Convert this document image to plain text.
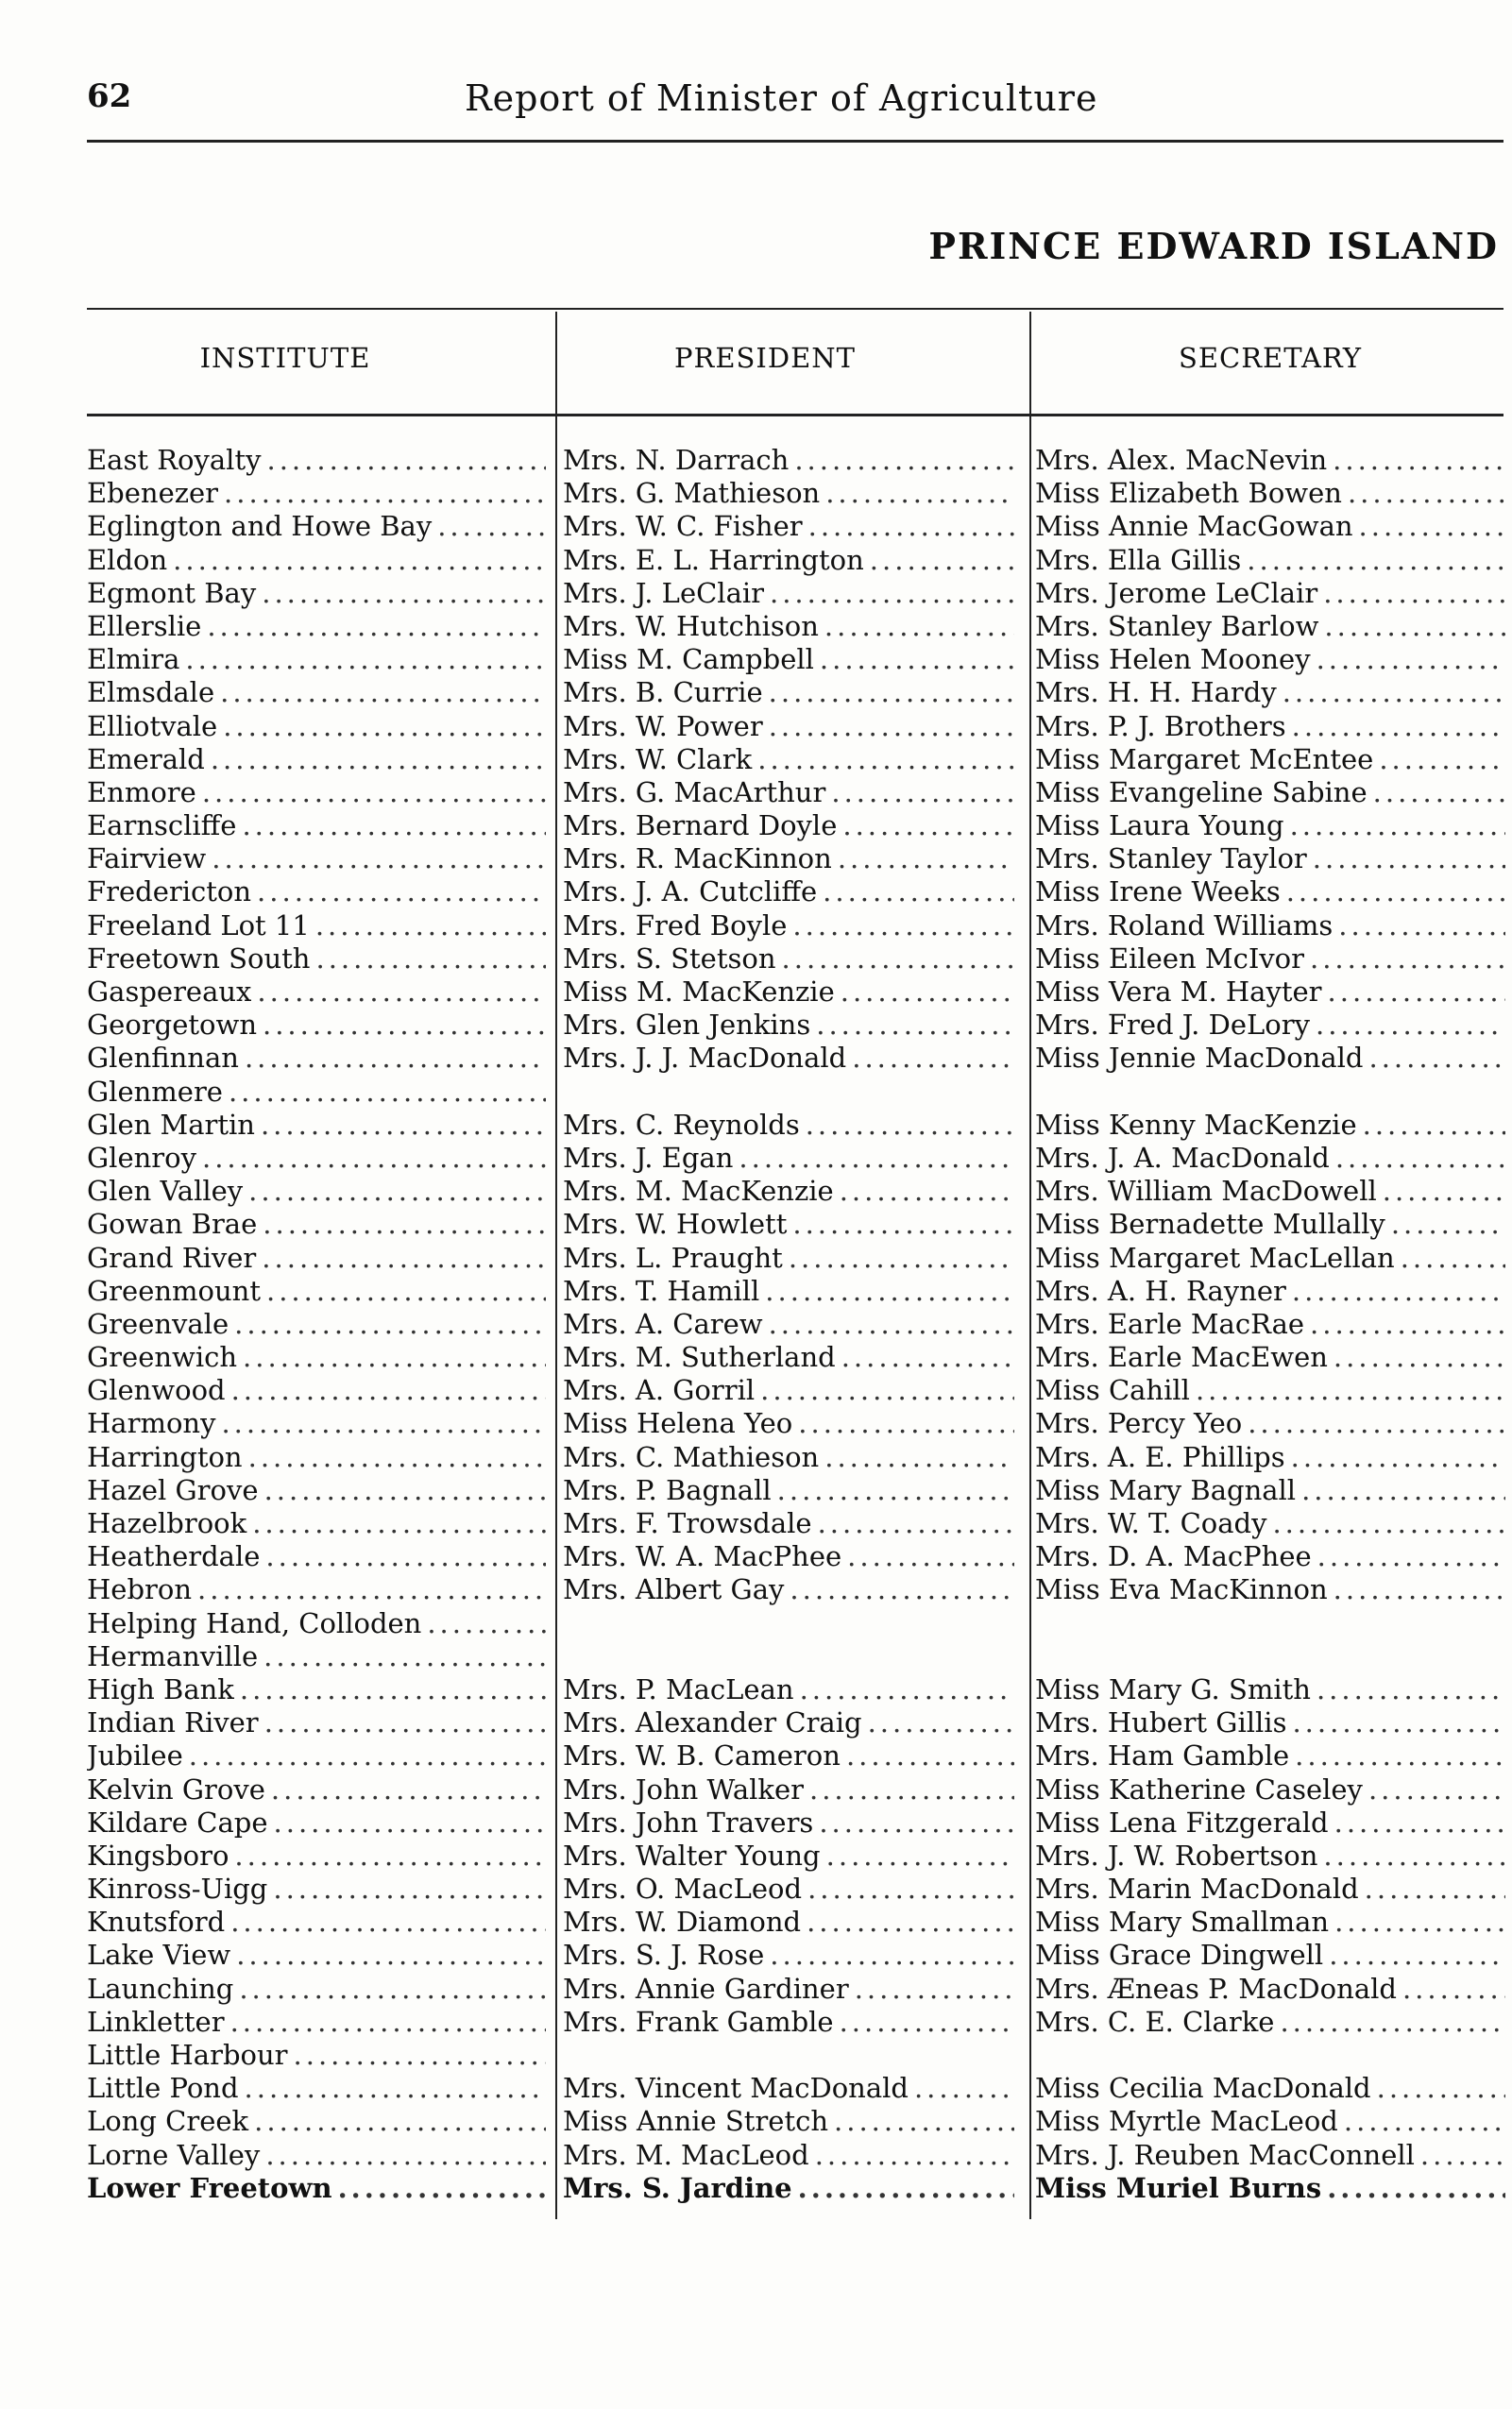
62	Report of Minister of Agriculture
PRINCE EDWARD ISLAND
INSTITUTE	PRESIDENT	SECRETARY
East Royalty .....	Mrs. N. Darrach .....	Mrs. Alex. MacNevin
.....
Ebenezer .....	Mrs. G. Mathieson .....	Miss Elizabeth Bowen
.....
Eglington and Howe Bay .....	Mrs. W. C. Fisher .....	Miss Annie MacGowan
.....
Eldon .....	Mrs. E. L. Harrington .....	Mrs. Ella Gillis
.....
Egmont Bay .....	Mrs. J. LeClair .....	Mrs. Jerome LeClair
.....
Ellerslie .....	Mrs. W. Hutchison .....	Mrs. Stanley Barlow
.....
Elmira .....	Miss M. Campbell .....	Miss Helen Mooney
.....
Elmsdale .....	Mrs. B. Currie .....	Mrs. H. H. Hardy
.....
Elliotvale .....	Mrs. W. Power .....	Mrs. P. J. Brothers
.....
Emerald .....	Mrs. W. Clark .....	Miss Margaret McEntee
.....
Enmore .....	Mrs. G. MacArthur .....	Miss Evangeline Sabine
.....
Earnscliffe .....	Mrs. Bernard Doyle .....	Miss Laura Young
.....
Fairview .....	Mrs. R. MacKinnon .....	Mrs. Stanley Taylor
.....
Fredericton .....	Mrs. J. A. Cutcliffe .....	Miss Irene Weeks
.....
Freeland Lot 11 .....	Mrs. Fred Boyle .....	Mrs. Roland Williams
.....
Freetown South .....	Mrs. S. Stetson .....	Miss Eileen McIvor
.....
Gaspereaux .....	Miss M. MacKenzie .....	Miss Vera M. Hayter
.....
Georgetown .....	Mrs. Glen Jenkins .....	Mrs. Fred J. DeLory
.....
Glenfinnan .....	Mrs. J. J. MacDonald .....	Miss Jennie MacDonald
.....
Glenmere
.....
Glen Martin .....	Mrs. C. Reynolds .....	Miss Kenny MacKenzie
.....
Glenroy .....	Mrs. J. Egan .....	Mrs. J. A. MacDonald
.....
Glen Valley .....	Mrs. M. MacKenzie .....	Mrs. William MacDowell
.....
Gowan Brae .....	Mrs. W. Howlett .....	Miss Bernadette Mullally
.....
Grand River .....	Mrs. L. Praught .....	Miss Margaret MacLellan
.....
Greenmount .....	Mrs. T. Hamill .....	Mrs. A. H. Rayner
.....
Greenvale .....	Mrs. A. Carew .....	Mrs. Earle MacRae
.....
Greenwich .....	Mrs. M. Sutherland .....	Mrs. Earle MacEwen
.....
Glenwood .....	Mrs. A. Gorril .....	Miss Cahill
.....
Harmony .....	Miss Helena Yeo .....	Mrs. Percy Yeo
.....
Harrington .....	Mrs. C. Mathieson .....	Mrs. A. E. Phillips
.....
Hazel Grove .....	Mrs. P. Bagnall .....	Miss Mary Bagnall
.....
Hazelbrook .....	Mrs. F. Trowsdale .....	Mrs. W. T. Coady
.....
Heatherdale .....	Mrs. W. A. MacPhee .....	Mrs. D. A. MacPhee
.....
Hebron .....	Mrs. Albert Gay .....	Miss Eva MacKinnon
.....
Helping Hand, Colloden
.....
Hermanville
.....
High Bank .....	Mrs. P. MacLean .....	Miss Mary G. Smith
.....
Indian River .....	Mrs. Alexander Craig .....	Mrs. Hubert Gillis
.....
Jubilee .....	Mrs. W. B. Cameron .....	Mrs. Ham Gamble
.....
Kelvin Grove .....	Mrs. John Walker .....	Miss Katherine Caseley
.....
Kildare Cape .....	Mrs. John Travers .....	Miss Lena Fitzgerald
.....
Kingsboro .....	Mrs. Walter Young .....	Mrs. J. W. Robertson
.....
Kinross-Uigg .....	Mrs. O. MacLeod .....	Mrs. Marin MacDonald
.....
Knutsford .....	Mrs. W. Diamond .....	Miss Mary Smallman
.....
Lake View .....	Mrs. S. J. Rose .....	Miss Grace Dingwell
.....
Launching .....	Mrs. Annie Gardiner .....	Mrs. Æneas P. MacDonald
.....
Linkletter .....	Mrs. Frank Gamble .....	Mrs. C. E. Clarke
.....
Little Harbour
.....
Little Pond .....	Mrs. Vincent MacDonald .....	Miss Cecilia MacDonald
.....
Long Creek .....	Miss Annie Stretch .....	Miss Myrtle MacLeod
.....
Lorne Valley .....	Mrs. M. MacLeod .....	Mrs. J. Reuben MacConnell
.....
Lower Freetown .....	Mrs. S. Jardine .....	Miss Muriel Burns
.....
